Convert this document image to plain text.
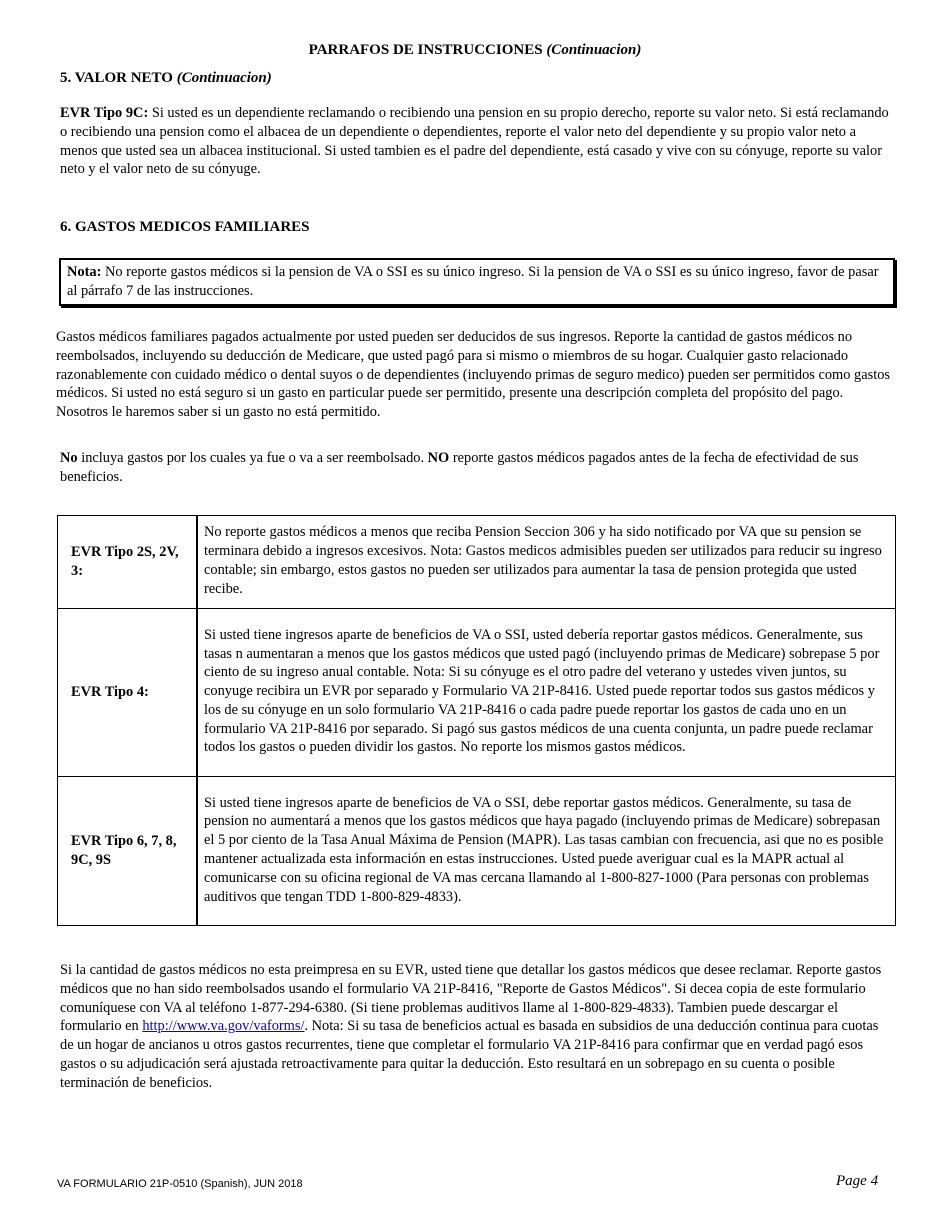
PARRAFOS DE INSTRUCCIONES (Continuacion)
5. VALOR NETO (Continuacion)
EVR Tipo 9C: Si usted es un dependiente reclamando o recibiendo una pension en su propio derecho, reporte su valor neto. Si está reclamando o recibiendo una pension como el albacea de un dependiente o dependientes, reporte el valor neto del dependiente y su propio valor neto a menos que usted sea un albacea institucional. Si usted tambien es el padre del dependiente, está casado y vive con su cónyuge, reporte su valor neto y el valor neto de su cónyuge.
6. GASTOS MEDICOS FAMILIARES
Nota: No reporte gastos médicos si la pension de VA o SSI es su único ingreso. Si la pension de VA o SSI es su único ingreso, favor de pasar al párrafo 7 de las instrucciones.
Gastos médicos familiares pagados actualmente por usted pueden ser deducidos de sus ingresos. Reporte la cantidad de gastos médicos no reembolsados, incluyendo su deducción de Medicare, que usted pagó para si mismo o miembros de su hogar. Cualquier gasto relacionado razonablemente con cuidado médico o dental suyos o de dependientes (incluyendo primas de seguro medico) pueden ser permitidos como gastos médicos. Si usted no está seguro si un gasto en particular puede ser permitido, presente una descripción completa del propósito del pago. Nosotros le haremos saber si un gasto no está permitido.
No incluya gastos por los cuales ya fue o va a ser reembolsado. NO reporte gastos médicos pagados antes de la fecha de efectividad de sus beneficios.
EVR Tipo 2S, 2V, 3:	No reporte gastos médicos a menos que reciba Pension Seccion 306 y ha sido notificado por VA que su pension se terminara debido a ingresos excesivos. Nota: Gastos medicos admisibles pueden ser utilizados para reducir su ingreso contable; sin embargo, estos gastos no pueden ser utilizados para aumentar la tasa de pension protegida que usted recibe.
EVR Tipo 4:	Si usted tiene ingresos aparte de beneficios de VA o SSI, usted debería reportar gastos médicos. Generalmente, sus tasas n aumentaran a menos que los gastos médicos que usted pagó (incluyendo primas de Medicare) sobrepase 5 por ciento de su ingreso anual contable. Nota: Si su cónyuge es el otro padre del veterano y ustedes viven juntos, su conyuge recibira un EVR por separado y Formulario VA 21P-8416. Usted puede reportar todos sus gastos médicos y los de su cónyuge en un solo formulario VA 21P-8416 o cada padre puede reportar los gastos de cada uno en un formulario VA 21P-8416 por separado. Si pagó sus gastos médicos de una cuenta conjunta, un padre puede reclamar todos los gastos o pueden dividir los gastos. No reporte los mismos gastos médicos.
EVR Tipo 6, 7, 8, 9C, 9S	Si usted tiene ingresos aparte de beneficios de VA o SSI, debe reportar gastos médicos. Generalmente, su tasa de pension no aumentará a menos que los gastos médicos que haya pagado (incluyendo primas de Medicare) sobrepasan el 5 por ciento de la Tasa Anual Máxima de Pension (MAPR). Las tasas cambian con frecuencia, asi que no es posible mantener actualizada esta información en estas instrucciones. Usted puede averiguar cual es la MAPR actual al comunicarse con su oficina regional de VA mas cercana llamando al 1-800-827-1000 (Para personas con problemas auditivos que tengan TDD 1-800-829-4833).
Si la cantidad de gastos médicos no esta preimpresa en su EVR, usted tiene que detallar los gastos médicos que desee reclamar. Reporte gastos médicos que no han sido reembolsados usando el formulario VA 21P-8416, "Reporte de Gastos Médicos". Si decea copia de este formulario comuníquese con VA al teléfono 1-877-294-6380. (Si tiene problemas auditivos llame al 1-800-829-4833). Tambien puede descargar el formulario en http://www.va.gov/vaforms/. Nota: Si su tasa de beneficios actual es basada en subsidios de una deducción continua para cuotas de un hogar de ancianos u otros gastos recurrentes, tiene que completar el formulario VA 21P-8416 para confirmar que en verdad pagó esos gastos o su adjudicación será ajustada retroactivamente para quitar la deducción. Esto resultará en un sobrepago en su cuenta o posible terminación de beneficios.
VA FORMULARIO 21P-0510 (Spanish), JUN 2018	Page 4
